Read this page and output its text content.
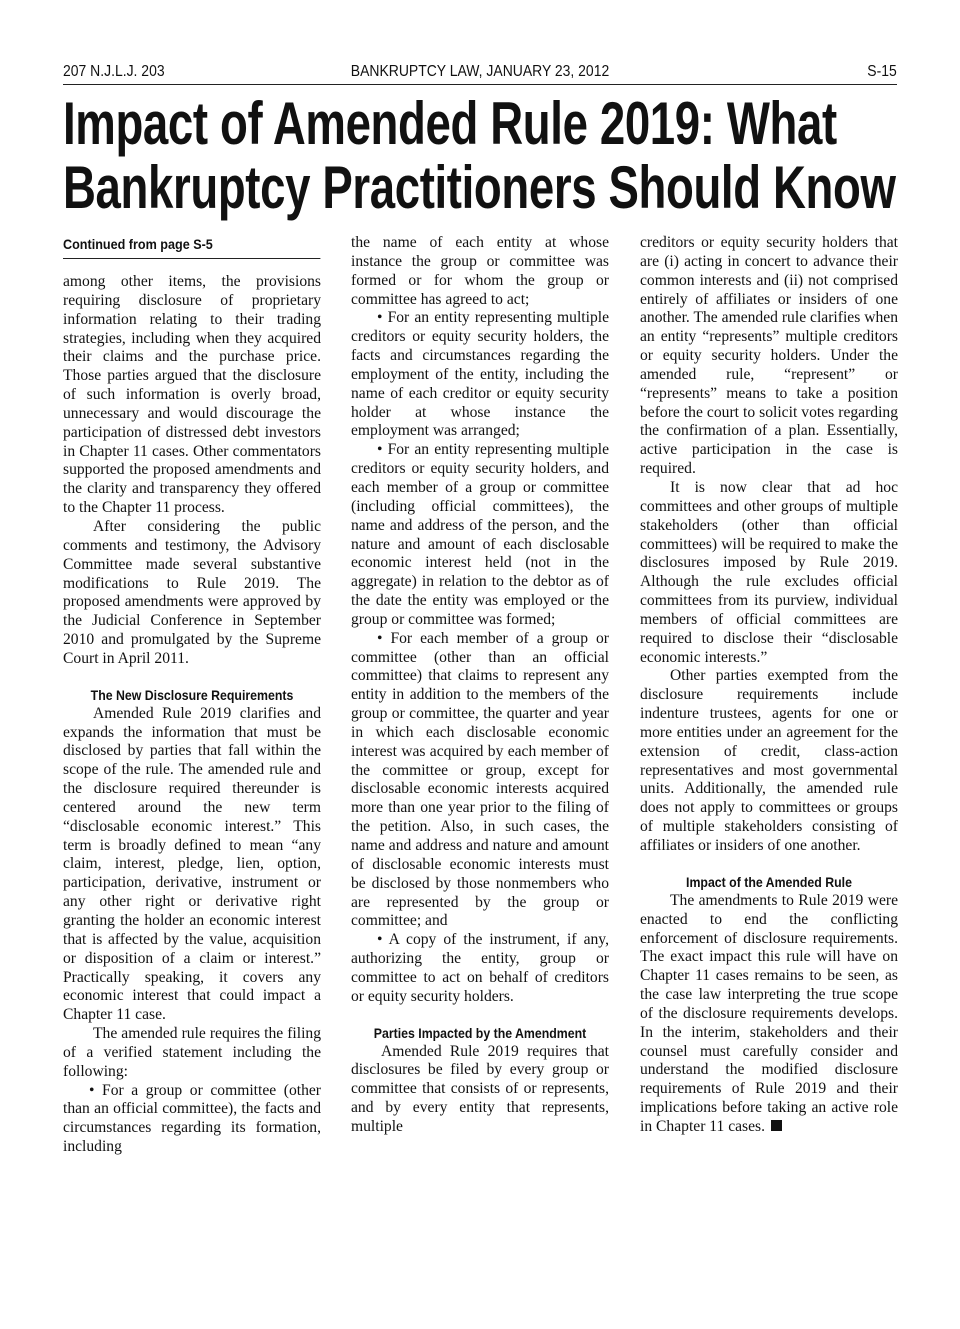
207 N.J.L.J. 203	BANKRUPTCY LAW, JANUARY 23, 2012	S-15
Impact of Amended Rule 2019: What
Bankruptcy Practitioners Should Know
Continued from page S-5

among other items, the provisions requiring disclosure of proprietary information relating to their trading strategies, including when they acquired their claims and the purchase price. Those parties argued that the disclosure of such information is overly broad, unnecessary and would discourage the participation of distressed debt investors in Chapter 11 cases. Other commentators supported the proposed amendments and the clarity and transparency they offered to the Chapter 11 process.

After considering the public comments and testimony, the Advisory Committee made several substantive modifications to Rule 2019. The proposed amendments were approved by the Judicial Conference in September 2010 and promulgated by the Supreme Court in April 2011.

The New Disclosure Requirements

Amended Rule 2019 clarifies and expands the information that must be disclosed by parties that fall within the scope of the rule. The amended rule and the disclosure required thereunder is centered around the new term “disclosable economic interest.” This term is broadly defined to mean “any claim, interest, pledge, lien, option, participation, derivative, instrument or any other right or derivative right granting the holder an economic interest that is affected by the value, acquisition or disposition of a claim or interest.” Practically speaking, it covers any economic interest that could impact a Chapter 11 case.

The amended rule requires the filing of a verified statement including the following:

• For a group or committee (other than an official committee), the facts and circumstances regarding its formation, including

the name of each entity at whose instance the group or committee was formed or for whom the group or committee has agreed to act;

• For an entity representing multiple creditors or equity security holders, the facts and circumstances regarding the employment of the entity, including the name of each creditor or equity security holder at whose instance the employment was arranged;

• For an entity representing multiple creditors or equity security holders, and each member of a group or committee (including official committees), the name and address of the person, and the nature and amount of each disclosable economic interest held (not in the aggregate) in relation to the debtor as of the date the entity was employed or the group or committee was formed;

• For each member of a group or committee (other than an official committee) that claims to represent any entity in addition to the members of the group or committee, the quarter and year in which each disclosable economic interest was acquired by each member of the committee or group, except for disclosable economic interests acquired more than one year prior to the filing of the petition. Also, in such cases, the name and address and nature and amount of disclosable economic interests must be disclosed by those nonmembers who are represented by the group or committee; and

• A copy of the instrument, if any, authorizing the entity, group or committee to act on behalf of creditors or equity security holders.

Parties Impacted by the Amendment

Amended Rule 2019 requires that disclosures be filed by every group or committee that consists of or represents, and by every entity that represents, multiple

creditors or equity security holders that are (i) acting in concert to advance their common interests and (ii) not comprised entirely of affiliates or insiders of one another. The amended rule clarifies when an entity “represents” multiple creditors or equity security holders. Under the amended rule, “represent” or “represents” means to take a position before the court to solicit votes regarding the confirmation of a plan. Essentially, active participation in the case is required.

It is now clear that ad hoc committees and other groups of multiple stakeholders (other than official committees) will be required to make the disclosures imposed by Rule 2019. Although the rule excludes official committees from its purview, individual members of official committees are required to disclose their “disclosable economic interests.”

Other parties exempted from the disclosure requirements include indenture trustees, agents for one or more entities under an agreement for the extension of credit, class-action representatives and most governmental units. Additionally, the amended rule does not apply to committees or groups of multiple stakeholders consisting of affiliates or insiders of one another.

Impact of the Amended Rule

The amendments to Rule 2019 were enacted to end the conflicting enforcement of disclosure requirements. The exact impact this rule will have on Chapter 11 cases remains to be seen, as the case law interpreting the true scope of the disclosure requirements develops. In the interim, stakeholders and their counsel must carefully consider and understand the modified disclosure requirements of Rule 2019 and their implications before taking an active role in Chapter 11 cases.
